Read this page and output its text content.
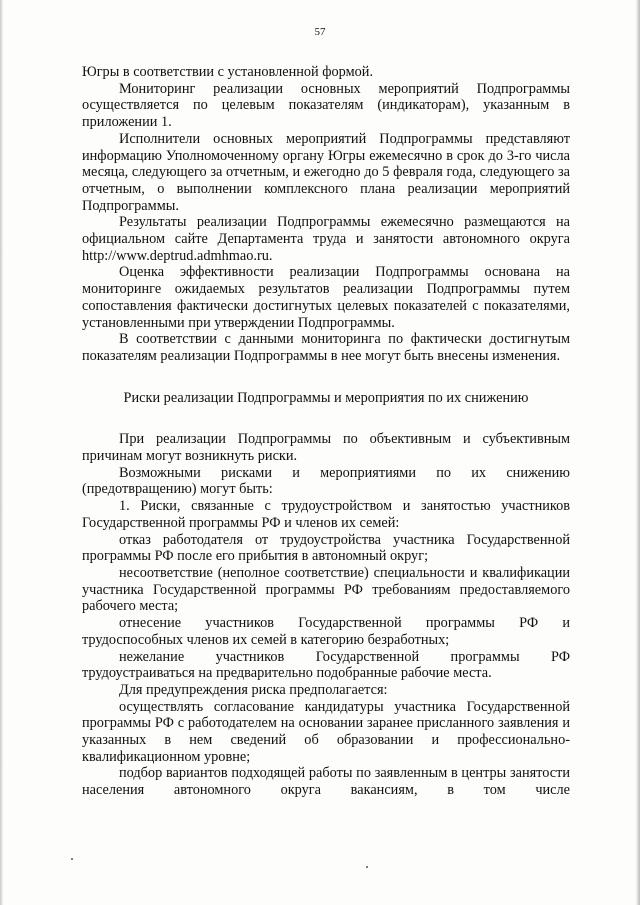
57

Югры в соответствии с установленной формой.

Мониторинг реализации основных мероприятий Подпрограммы осуществляется по целевым показателям (индикаторам), указанным в приложении 1.

Исполнители основных мероприятий Подпрограммы представляют информацию Уполномоченному органу Югры ежемесячно в срок до 3-го числа месяца, следующего за отчетным, и ежегодно до 5 февраля года, следующего за отчетным, о выполнении комплексного плана реализации мероприятий Подпрограммы.

Результаты реализации Подпрограммы ежемесячно размещаются на официальном сайте Департамента труда и занятости автономного округа http://www.deptrud.admhmao.ru.

Оценка эффективности реализации Подпрограммы основана на мониторинге ожидаемых результатов реализации Подпрограммы путем сопоставления фактически достигнутых целевых показателей с показателями, установленными при утверждении Подпрограммы.

В соответствии с данными мониторинга по фактически достигнутым показателям реализации Подпрограммы в нее могут быть внесены изменения.

Риски реализации Подпрограммы и мероприятия по их снижению

При реализации Подпрограммы по объективным и субъективным причинам могут возникнуть риски.

Возможными рисками и мероприятиями по их снижению (предотвращению) могут быть:

1. Риски, связанные с трудоустройством и занятостью участников Государственной программы РФ и членов их семей:

отказ работодателя от трудоустройства участника Государственной программы РФ после его прибытия в автономный округ;

несоответствие (неполное соответствие) специальности и квалификации участника Государственной программы РФ требованиям предоставляемого рабочего места;

отнесение участников Государственной программы РФ и трудоспособных членов их семей в категорию безработных;

нежелание участников Государственной программы РФ трудоустраиваться на предварительно подобранные рабочие места.

Для предупреждения риска предполагается:

осуществлять согласование кандидатуры участника Государственной программы РФ с работодателем на основании заранее присланного заявления и указанных в нем сведений об образовании и профессионально-квалификационном уровне;

подбор вариантов подходящей работы по заявленным в центры занятости населения автономного округа вакансиям, в том числе
